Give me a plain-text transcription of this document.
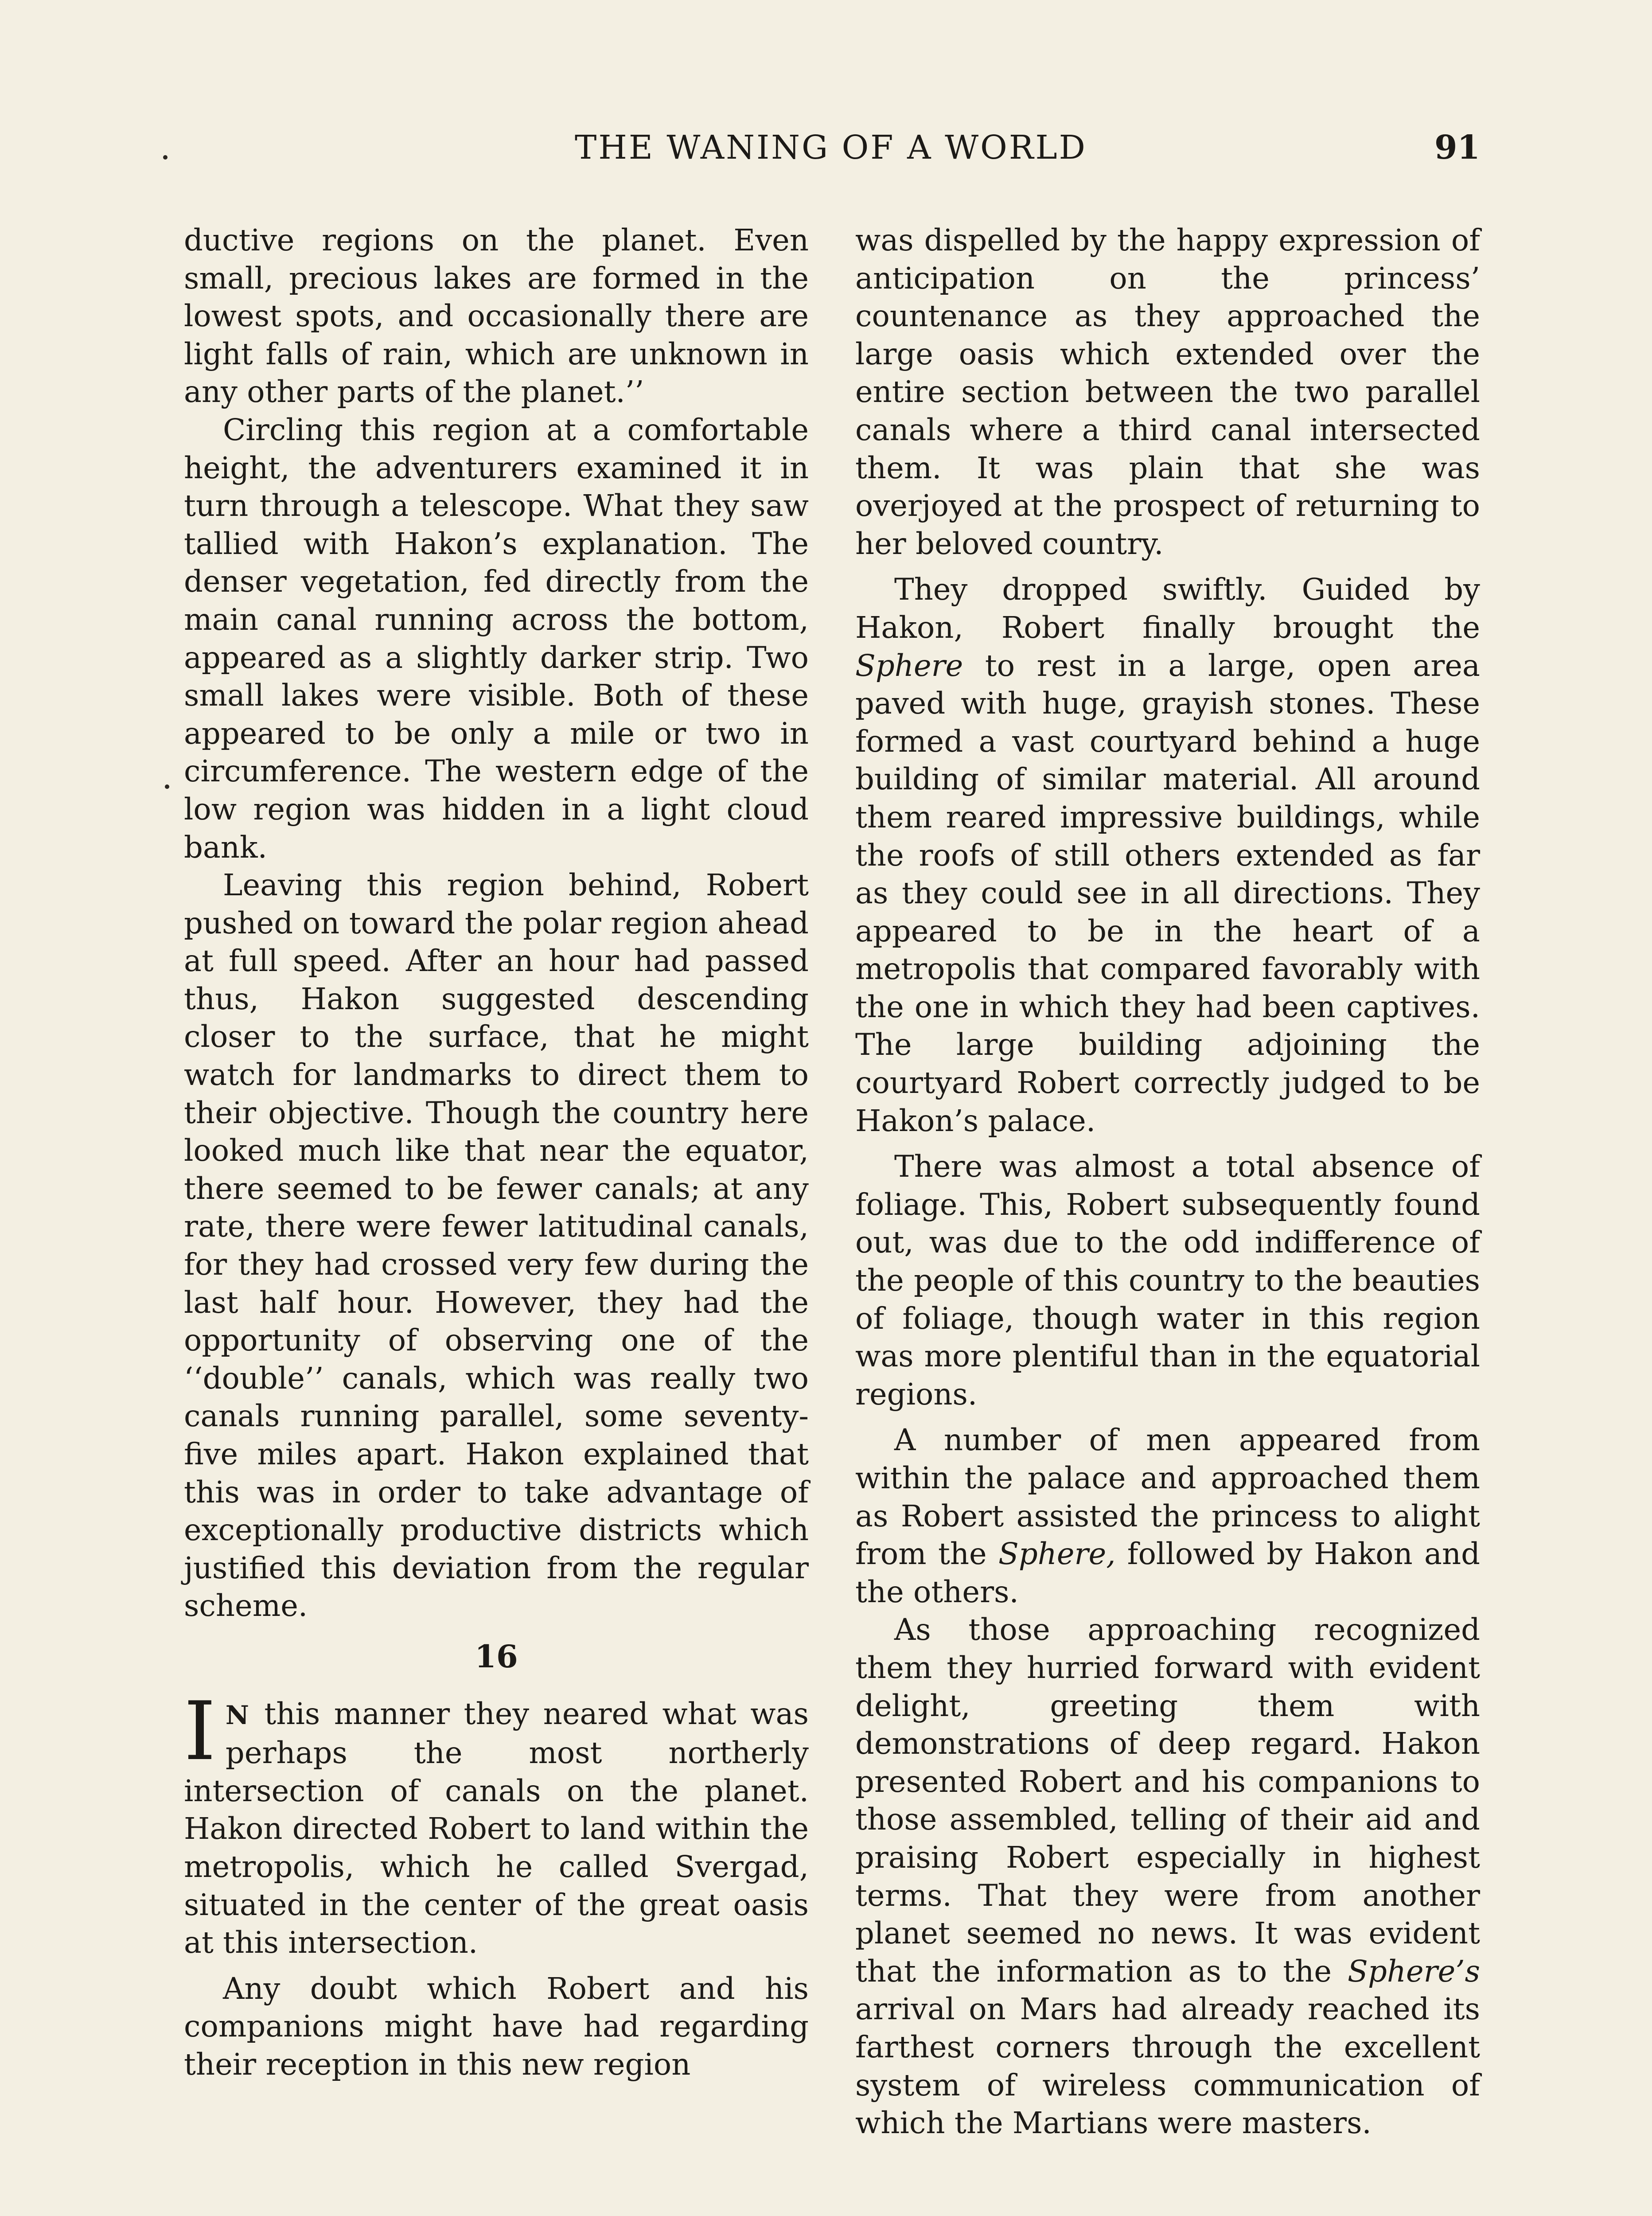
THE WANING OF A WORLD	91

ductive regions on the planet. Even small, precious lakes are formed in the lowest spots, and occasionally there are light falls of rain, which are unknown in any other parts of the planet.’’

Circling this region at a comfortable height, the adventurers examined it in turn through a telescope. What they saw tallied with Hakon’s explanation. The denser vegetation, fed directly from the main canal running across the bottom, appeared as a slightly darker strip. Two small lakes were visible. Both of these appeared to be only a mile or two in circumference. The western edge of the low region was hidden in a light cloud bank.

Leaving this region behind, Robert pushed on toward the polar region ahead at full speed. After an hour had passed thus, Hakon suggested descending closer to the surface, that he might watch for landmarks to direct them to their objective. Though the country here looked much like that near the equator, there seemed to be fewer canals; at any rate, there were fewer latitudinal canals, for they had crossed very few during the last half hour. However, they had the opportunity of observing one of the ‘‘double’’ canals, which was really two canals running parallel, some seventy-five miles apart. Hakon explained that this was in order to take advantage of exceptionally productive districts which justified this deviation from the regular scheme.

16

I N this manner they neared what was perhaps the most northerly intersection of canals on the planet. Hakon directed Robert to land within the metropolis, which he called Svergad, situated in the center of the great oasis at this intersection.

Any doubt which Robert and his companions might have had regarding their reception in this new region

was dispelled by the happy expression of anticipation on the princess’ countenance as they approached the large oasis which extended over the entire section between the two parallel canals where a third canal intersected them. It was plain that she was overjoyed at the prospect of returning to her beloved country.

They dropped swiftly. Guided by Hakon, Robert finally brought the Sphere to rest in a large, open area paved with huge, grayish stones. These formed a vast courtyard behind a huge building of similar material. All around them reared impressive buildings, while the roofs of still others extended as far as they could see in all directions. They appeared to be in the heart of a metropolis that compared favorably with the one in which they had been captives. The large building adjoining the courtyard Robert correctly judged to be Hakon’s palace.

There was almost a total absence of foliage. This, Robert subsequently found out, was due to the odd indifference of the people of this country to the beauties of foliage, though water in this region was more plentiful than in the equatorial regions.

A number of men appeared from within the palace and approached them as Robert assisted the princess to alight from the Sphere, followed by Hakon and the others.

As those approaching recognized them they hurried forward with evident delight, greeting them with demonstrations of deep regard. Hakon presented Robert and his companions to those assembled, telling of their aid and praising Robert especially in highest terms. That they were from another planet seemed no news. It was evident that the information as to the Sphere’s arrival on Mars had already reached its farthest corners through the excellent system of wireless communication of which the Martians were masters.
